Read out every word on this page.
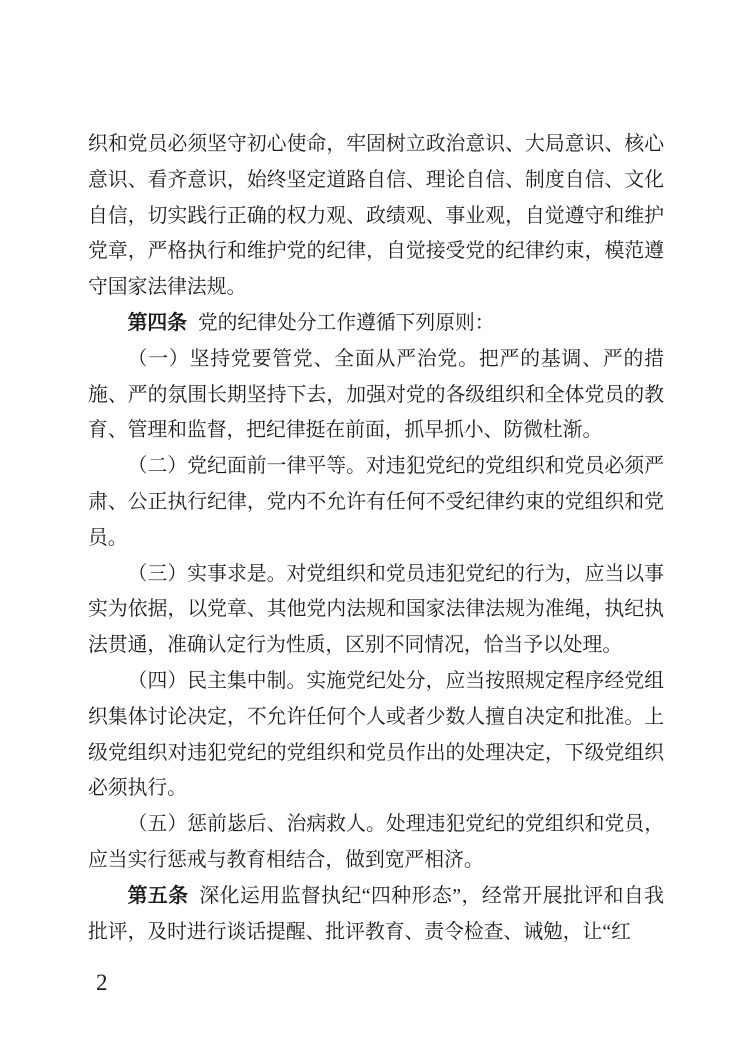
织和党员必须坚守初心使命，牢固树立政治意识、大局意识、核心意识、看齐意识，始终坚定道路自信、理论自信、制度自信、文化自信，切实践行正确的权力观、政绩观、事业观，自觉遵守和维护党章，严格执行和维护党的纪律，自觉接受党的纪律约束，模范遵守国家法律法规。

第四条 党的纪律处分工作遵循下列原则：

（一）坚持党要管党、全面从严治党。把严的基调、严的措施、严的氛围长期坚持下去，加强对党的各级组织和全体党员的教育、管理和监督，把纪律挺在前面，抓早抓小、防微杜渐。

（二）党纪面前一律平等。对违犯党纪的党组织和党员必须严肃、公正执行纪律，党内不允许有任何不受纪律约束的党组织和党员。

（三）实事求是。对党组织和党员违犯党纪的行为，应当以事实为依据，以党章、其他党内法规和国家法律法规为准绳，执纪执法贯通，准确认定行为性质，区别不同情况，恰当予以处理。

（四）民主集中制。实施党纪处分，应当按照规定程序经党组织集体讨论决定，不允许任何个人或者少数人擅自决定和批准。上级党组织对违犯党纪的党组织和党员作出的处理决定，下级党组织必须执行。

（五）惩前毖后、治病救人。处理违犯党纪的党组织和党员，应当实行惩戒与教育相结合，做到宽严相济。

第五条 深化运用监督执纪“四种形态”，经常开展批评和自我批评，及时进行谈话提醒、批评教育、责令检查、诫勉，让“红

2
